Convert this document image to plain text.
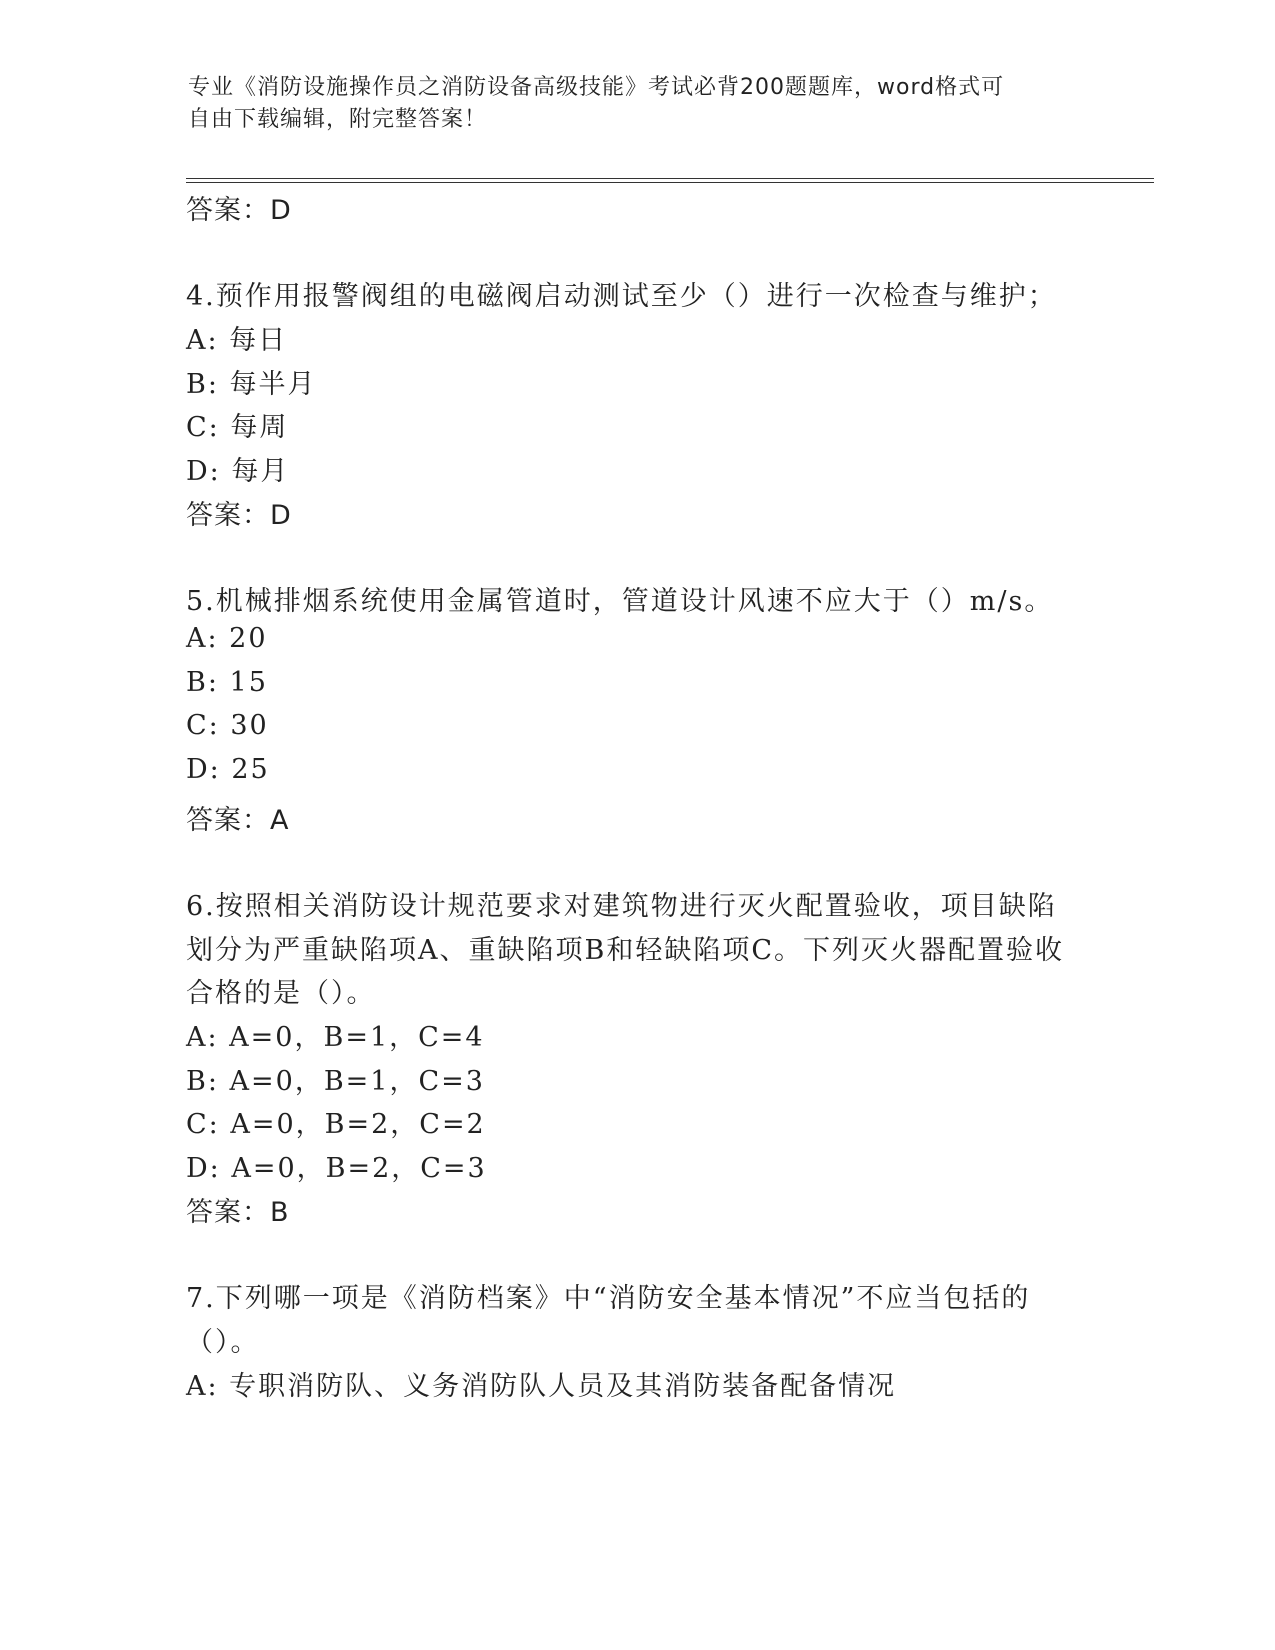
专业《消防设施操作员之消防设备高级技能》考试必背200题题库，word格式可
自由下载编辑，附完整答案！
答案：D
4.预作用报警阀组的电磁阀启动测试至少（）进行一次检查与维护；
A: 每日
B: 每半月
C: 每周
D: 每月
答案：D
5.机械排烟系统使用金属管道时，管道设计风速不应大于（）m/s。
A: 20
B: 15
C: 30
D: 25
答案：A
6.按照相关消防设计规范要求对建筑物进行灭火配置验收，项目缺陷
划分为严重缺陷项A、重缺陷项B和轻缺陷项C。下列灭火器配置验收
合格的是（）。
A: A=0，B=1，C=4
B: A=0，B=1，C=3
C: A=0，B=2，C=2
D: A=0，B=2，C=3
答案：B
7.下列哪一项是《消防档案》中“消防安全基本情况”不应当包括的
（）。
A: 专职消防队、义务消防队人员及其消防装备配备情况
